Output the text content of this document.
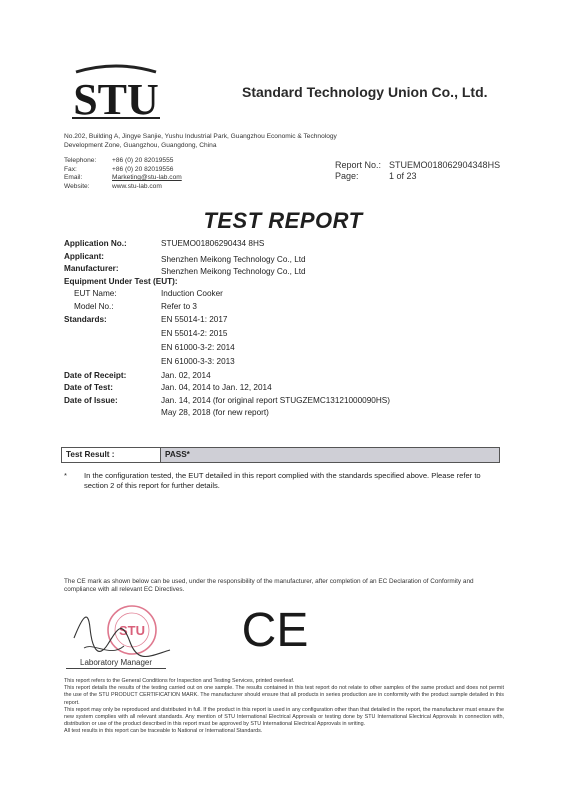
STU	Standard Technology Union Co., Ltd.
No.202, Building A, Jingye Sanjie, Yushu Industrial Park, Guangzhou Economic & Technology Development Zone, Guangzhou, Guangdong, China
Telephone:	+86 (0) 20 82019555
Fax:	+86 (0) 20 82019556
Email:	Marketing@stu-lab.com
Website:	www.stu-lab.com
Report No.: STUEMO018062904348HS
Page:	1 of 23
TEST REPORT
Application No.:	STUEMO01806290434 8HS
Applicant:	Shenzhen Meikong Technology Co., Ltd
Manufacturer:	Shenzhen Meikong Technology Co., Ltd
Equipment Under Test (EUT):
EUT Name:	Induction Cooker
Model No.:	Refer to 3
Standards:	EN 55014-1: 2017
EN 55014-2: 2015
EN 61000-3-2: 2014
EN 61000-3-3: 2013
Date of Receipt:	Jan. 02, 2014
Date of Test:	Jan. 04, 2014 to Jan. 12, 2014
Date of Issue:	Jan. 14, 2014 (for original report STUGZEMC13121000090HS)
May 28, 2018 (for new report)
Test Result :	PASS*
*	In the configuration tested, the EUT detailed in this report complied with the standards specified above. Please refer to section 2 of this report for further details.
The CE mark as shown below can be used, under the responsibility of the manufacturer, after completion of an EC Declaration of Conformity and compliance with all relevant EC Directives.
STU CE
Laboratory Manager
This report refers to the General Conditions for Inspection and Testing Services, printed overleaf.
This report details the results of the testing carried out on one sample. The results contained in this test report do not relate to other samples of the same product and does not permit the use of the STU PRODUCT CERTIFICATION MARK. The manufacturer should ensure that all products in series production are in conformity with the product sample detailed in this report.
This report may only be reproduced and distributed in full. If the product in this report is used in any configuration other than that detailed in the report, the manufacturer must ensure the new system complies with all relevant standards. Any mention of STU International Electrical Approvals or testing done by STU International Electrical Approvals in connection with, distribution or use of the product described in this report must be approved by STU International Electrical Approvals in writing.
All test results in this report can be traceable to National or International Standards.
